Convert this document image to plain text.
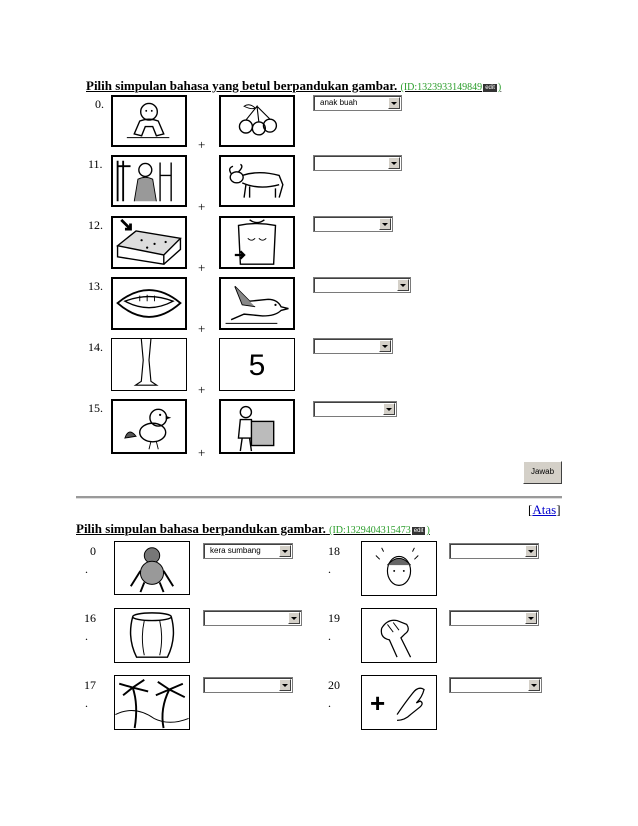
Pilih simpulan bahasa yang betul berpandukan gambar. (ID:1323933149849 edit )
0.
+
anak buah
11.
+
12.
+
13.
+
14.
+
5
15.
+
Jawab
[Atas]
Pilih simpulan bahasa berpandukan gambar. (ID:1329404315473 edit )
0
.
kera sumbang	18
.
16
.
19
.
17
.
20
. +
